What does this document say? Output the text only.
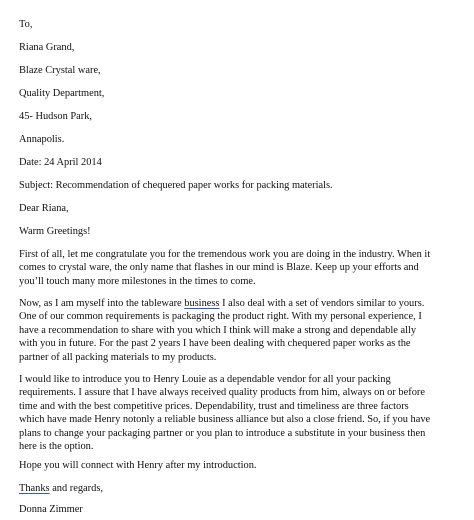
To,
Riana Grand,
Blaze Crystal ware,
Quality Department,
45- Hudson Park,
Annapolis.
Date: 24 April 2014
Subject: Recommendation of chequered paper works for packing materials.
Dear Riana,
Warm Greetings!
First of all, let me congratulate you for the tremendous work you are doing in the industry. When it
comes to crystal ware, the only name that flashes in our mind is Blaze. Keep up your efforts and
you’ll touch many more milestones in the times to come.
Now, as I am myself into the tableware business I also deal with a set of vendors similar to yours.
One of our common requirements is packaging the product right. With my personal experience, I
have a recommendation to share with you which I think will make a strong and dependable ally
with you in future. For the past 2 years I have been dealing with chequered paper works as the
partner of all packing materials to my products.
I would like to introduce you to Henry Louie as a dependable vendor for all your packing
requirements. I assure that I have always received quality products from him, always on or before
time and with the best competitive prices. Dependability, trust and timeliness are three factors
which have made Henry notonly a reliable business alliance but also a close friend. So, if you have
plans to change your packaging partner or you plan to introduce a substitute in your business then
here is the option.
Hope you will connect with Henry after my introduction.
Thanks and regards,
Donna Zimmer
